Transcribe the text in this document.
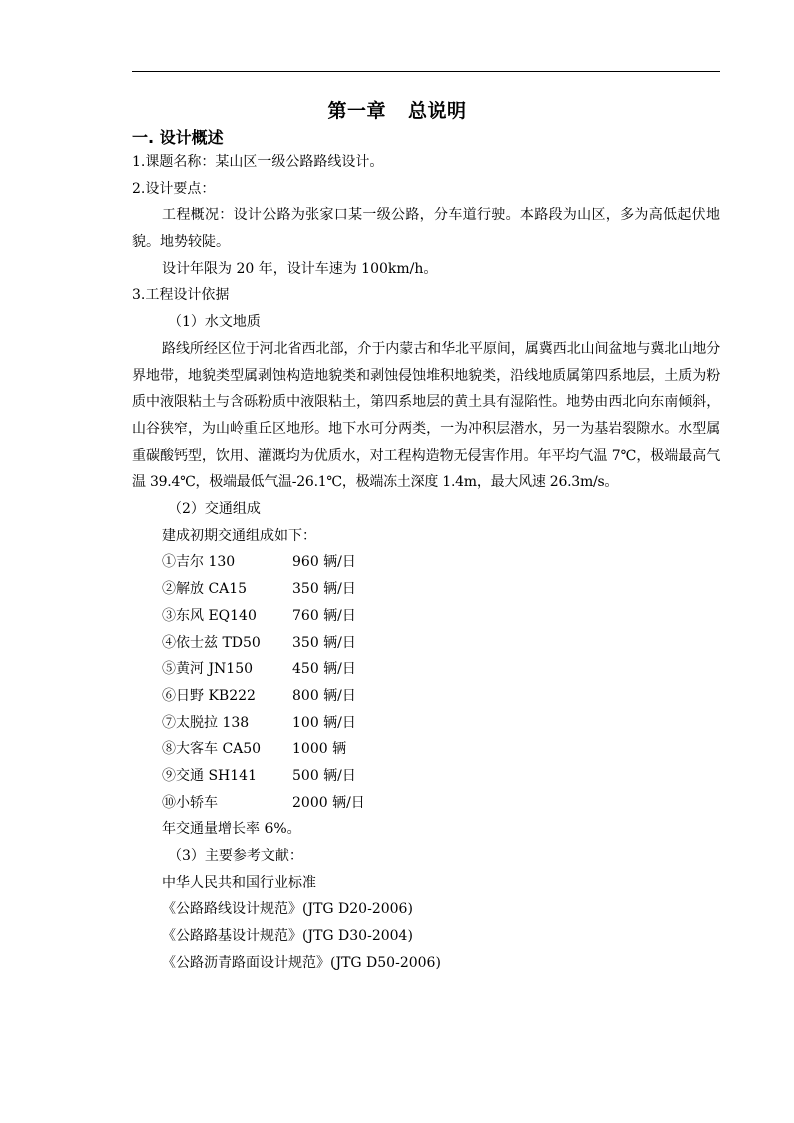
第一章 总说明
一. 设计概述
1.课题名称：某山区一级公路路线设计。
2.设计要点：

工程概况：设计公路为张家口某一级公路，分车道行驶。本路段为山区，多为高低起伏地貌。地势较陡。

设计年限为 20 年，设计车速为 100km/h。
3.工程设计依据
（1）水文地质

路线所经区位于河北省西北部，介于内蒙古和华北平原间，属冀西北山间盆地与冀北山地分界地带，地貌类型属剥蚀构造地貌类和剥蚀侵蚀堆积地貌类，沿线地质属第四系地层，土质为粉质中液限粘土与含砾粉质中液限粘土，第四系地层的黄土具有湿陷性。地势由西北向东南倾斜，山谷狭窄，为山岭重丘区地形。地下水可分两类，一为冲积层潜水，另一为基岩裂隙水。水型属重碳酸钙型，饮用、灌溉均为优质水，对工程构造物无侵害作用。年平均气温 7℃，极端最高气温 39.4℃，极端最低气温-26.1℃，极端冻土深度 1.4m，最大风速 26.3m/s。

（2）交通组成
建成初期交通组成如下：
①吉尔 130	960 辆/日
②解放 CA15	350 辆/日
③东风 EQ140	760 辆/日
④依士兹 TD50 350 辆/日
⑤黄河 JN150	450 辆/日
⑥日野 KB222	800 辆/日
⑦太脱拉 138	100 辆/日
⑧大客车 CA50 1000 辆
⑨交通 SH141	500 辆/日
⑩小轿车	2000 辆/日
年交通量增长率 6%。
（3）主要参考文献：
中华人民共和国行业标准
《公路路线设计规范》(JTG D20-2006)
《公路路基设计规范》(JTG D30-2004)
《公路沥青路面设计规范》(JTG D50-2006)
